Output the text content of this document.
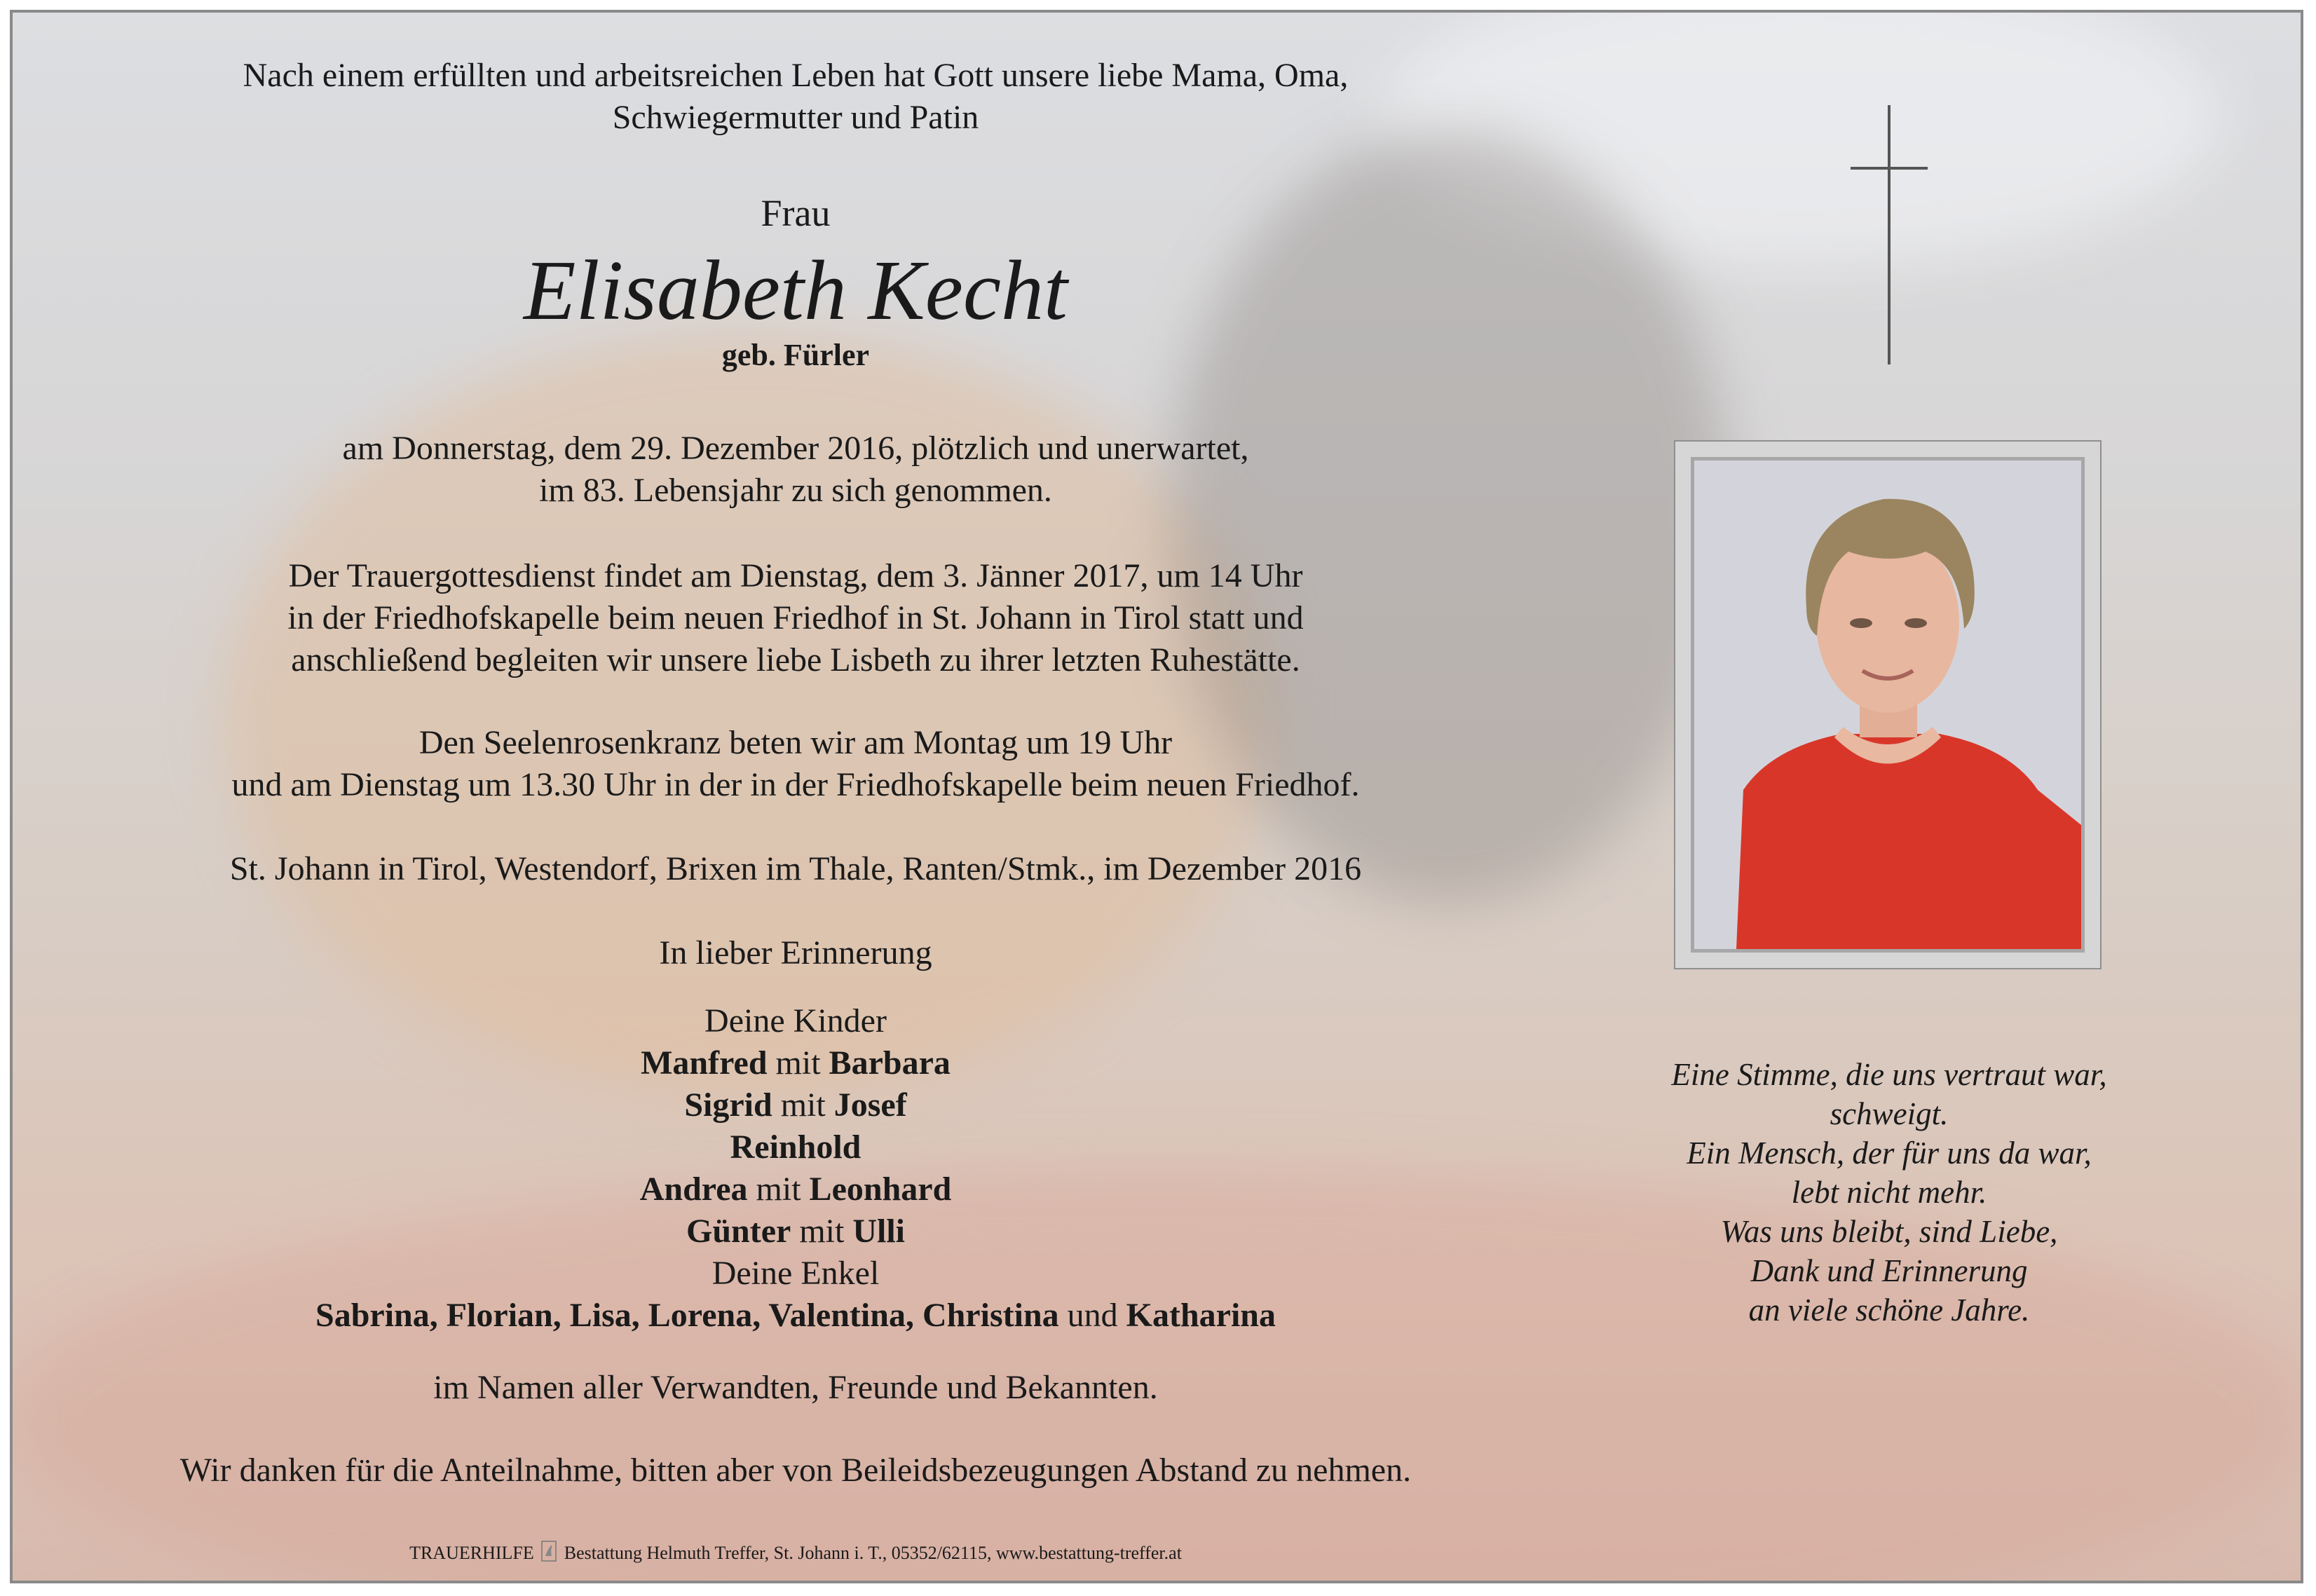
Nach einem erfüllten und arbeitsreichen Leben hat Gott unsere liebe Mama, Oma,
Schwiegermutter und Patin
Frau
Elisabeth Kecht
geb. Fürler
am Donnerstag, dem 29. Dezember 2016, plötzlich und unerwartet,
im 83. Lebensjahr zu sich genommen.
Der Trauergottesdienst findet am Dienstag, dem 3. Jänner 2017, um 14 Uhr
in der Friedhofskapelle beim neuen Friedhof in St. Johann in Tirol statt und
anschließend begleiten wir unsere liebe Lisbeth zu ihrer letzten Ruhestätte.
Den Seelenrosenkranz beten wir am Montag um 19 Uhr
und am Dienstag um 13.30 Uhr in der in der Friedhofskapelle beim neuen Friedhof.
St. Johann in Tirol, Westendorf, Brixen im Thale, Ranten/Stmk., im Dezember 2016
In lieber Erinnerung
Deine Kinder
Manfred mit Barbara
Sigrid mit Josef
Reinhold
Andrea mit Leonhard
Günter mit Ulli
Deine Enkel
Sabrina, Florian, Lisa, Lorena, Valentina, Christina und Katharina
im Namen aller Verwandten, Freunde und Bekannten.
Wir danken für die Anteilnahme, bitten aber von Beileidsbezeugungen Abstand zu nehmen.
TRAUERHILFE Bestattung Helmuth Treffer, St. Johann i. T., 05352/62115, www.bestattung-treffer.at
Eine Stimme, die uns vertraut war,
schweigt.
Ein Mensch, der für uns da war,
lebt nicht mehr.
Was uns bleibt, sind Liebe,
Dank und Erinnerung
an viele schöne Jahre.
